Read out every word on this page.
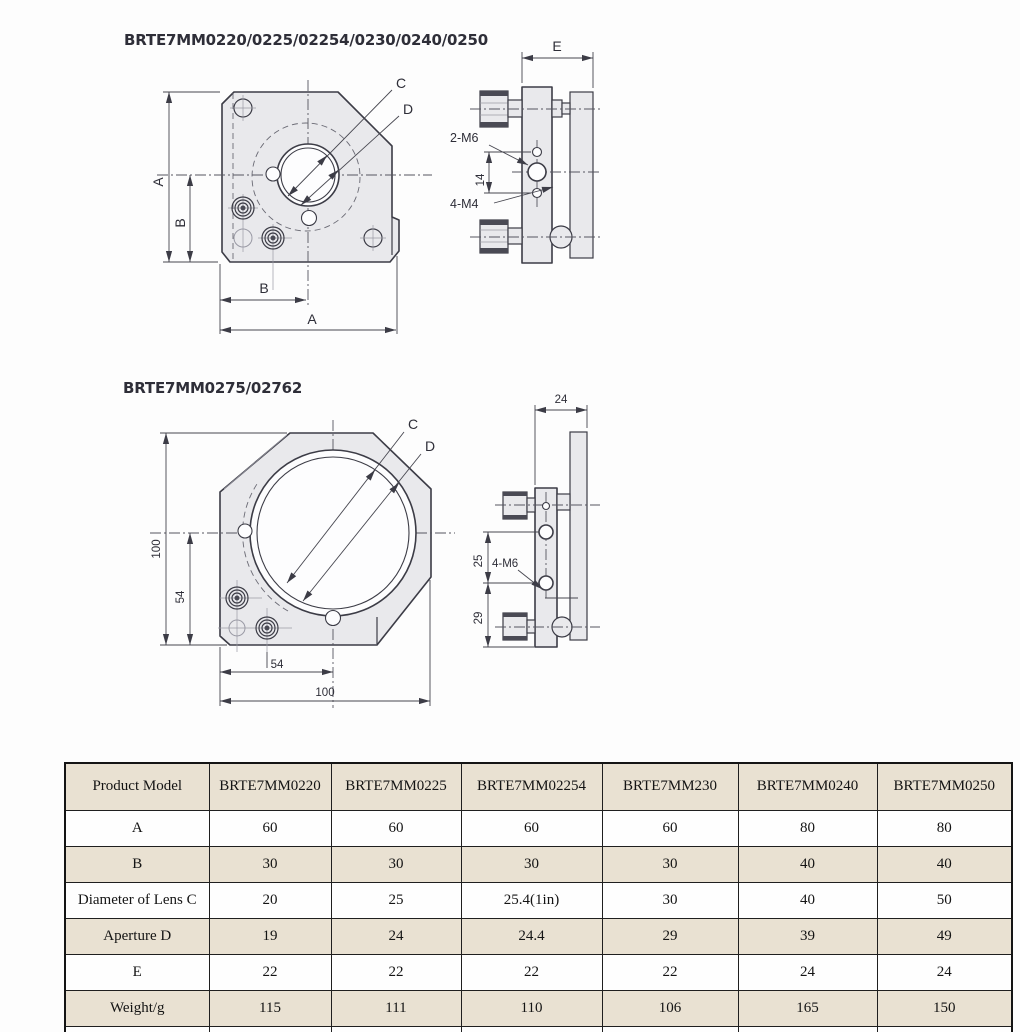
BRTE7MM0220/0225/02254/0230/0240/0250
A
B
B
A
C
D
E
2-M6
14
4-M4
BRTE7MM0275/02762
C
D
100
54
54
100
24
25
29
4-M6
Product Model	BRTE7MM0220	BRTE7MM0225	BRTE7MM02254	BRTE7MM230	BRTE7MM0240	BRTE7MM0250
A	60	60	60	60	80	80
B	30	30	30	30	40	40
Diameter of Lens C	20	25	25.4(1in)	30	40	50
Aperture D	19	24	24.4	29	39	49
E	22	22	22	22	24	24
Weight/g	115	111	110	106	165	150
